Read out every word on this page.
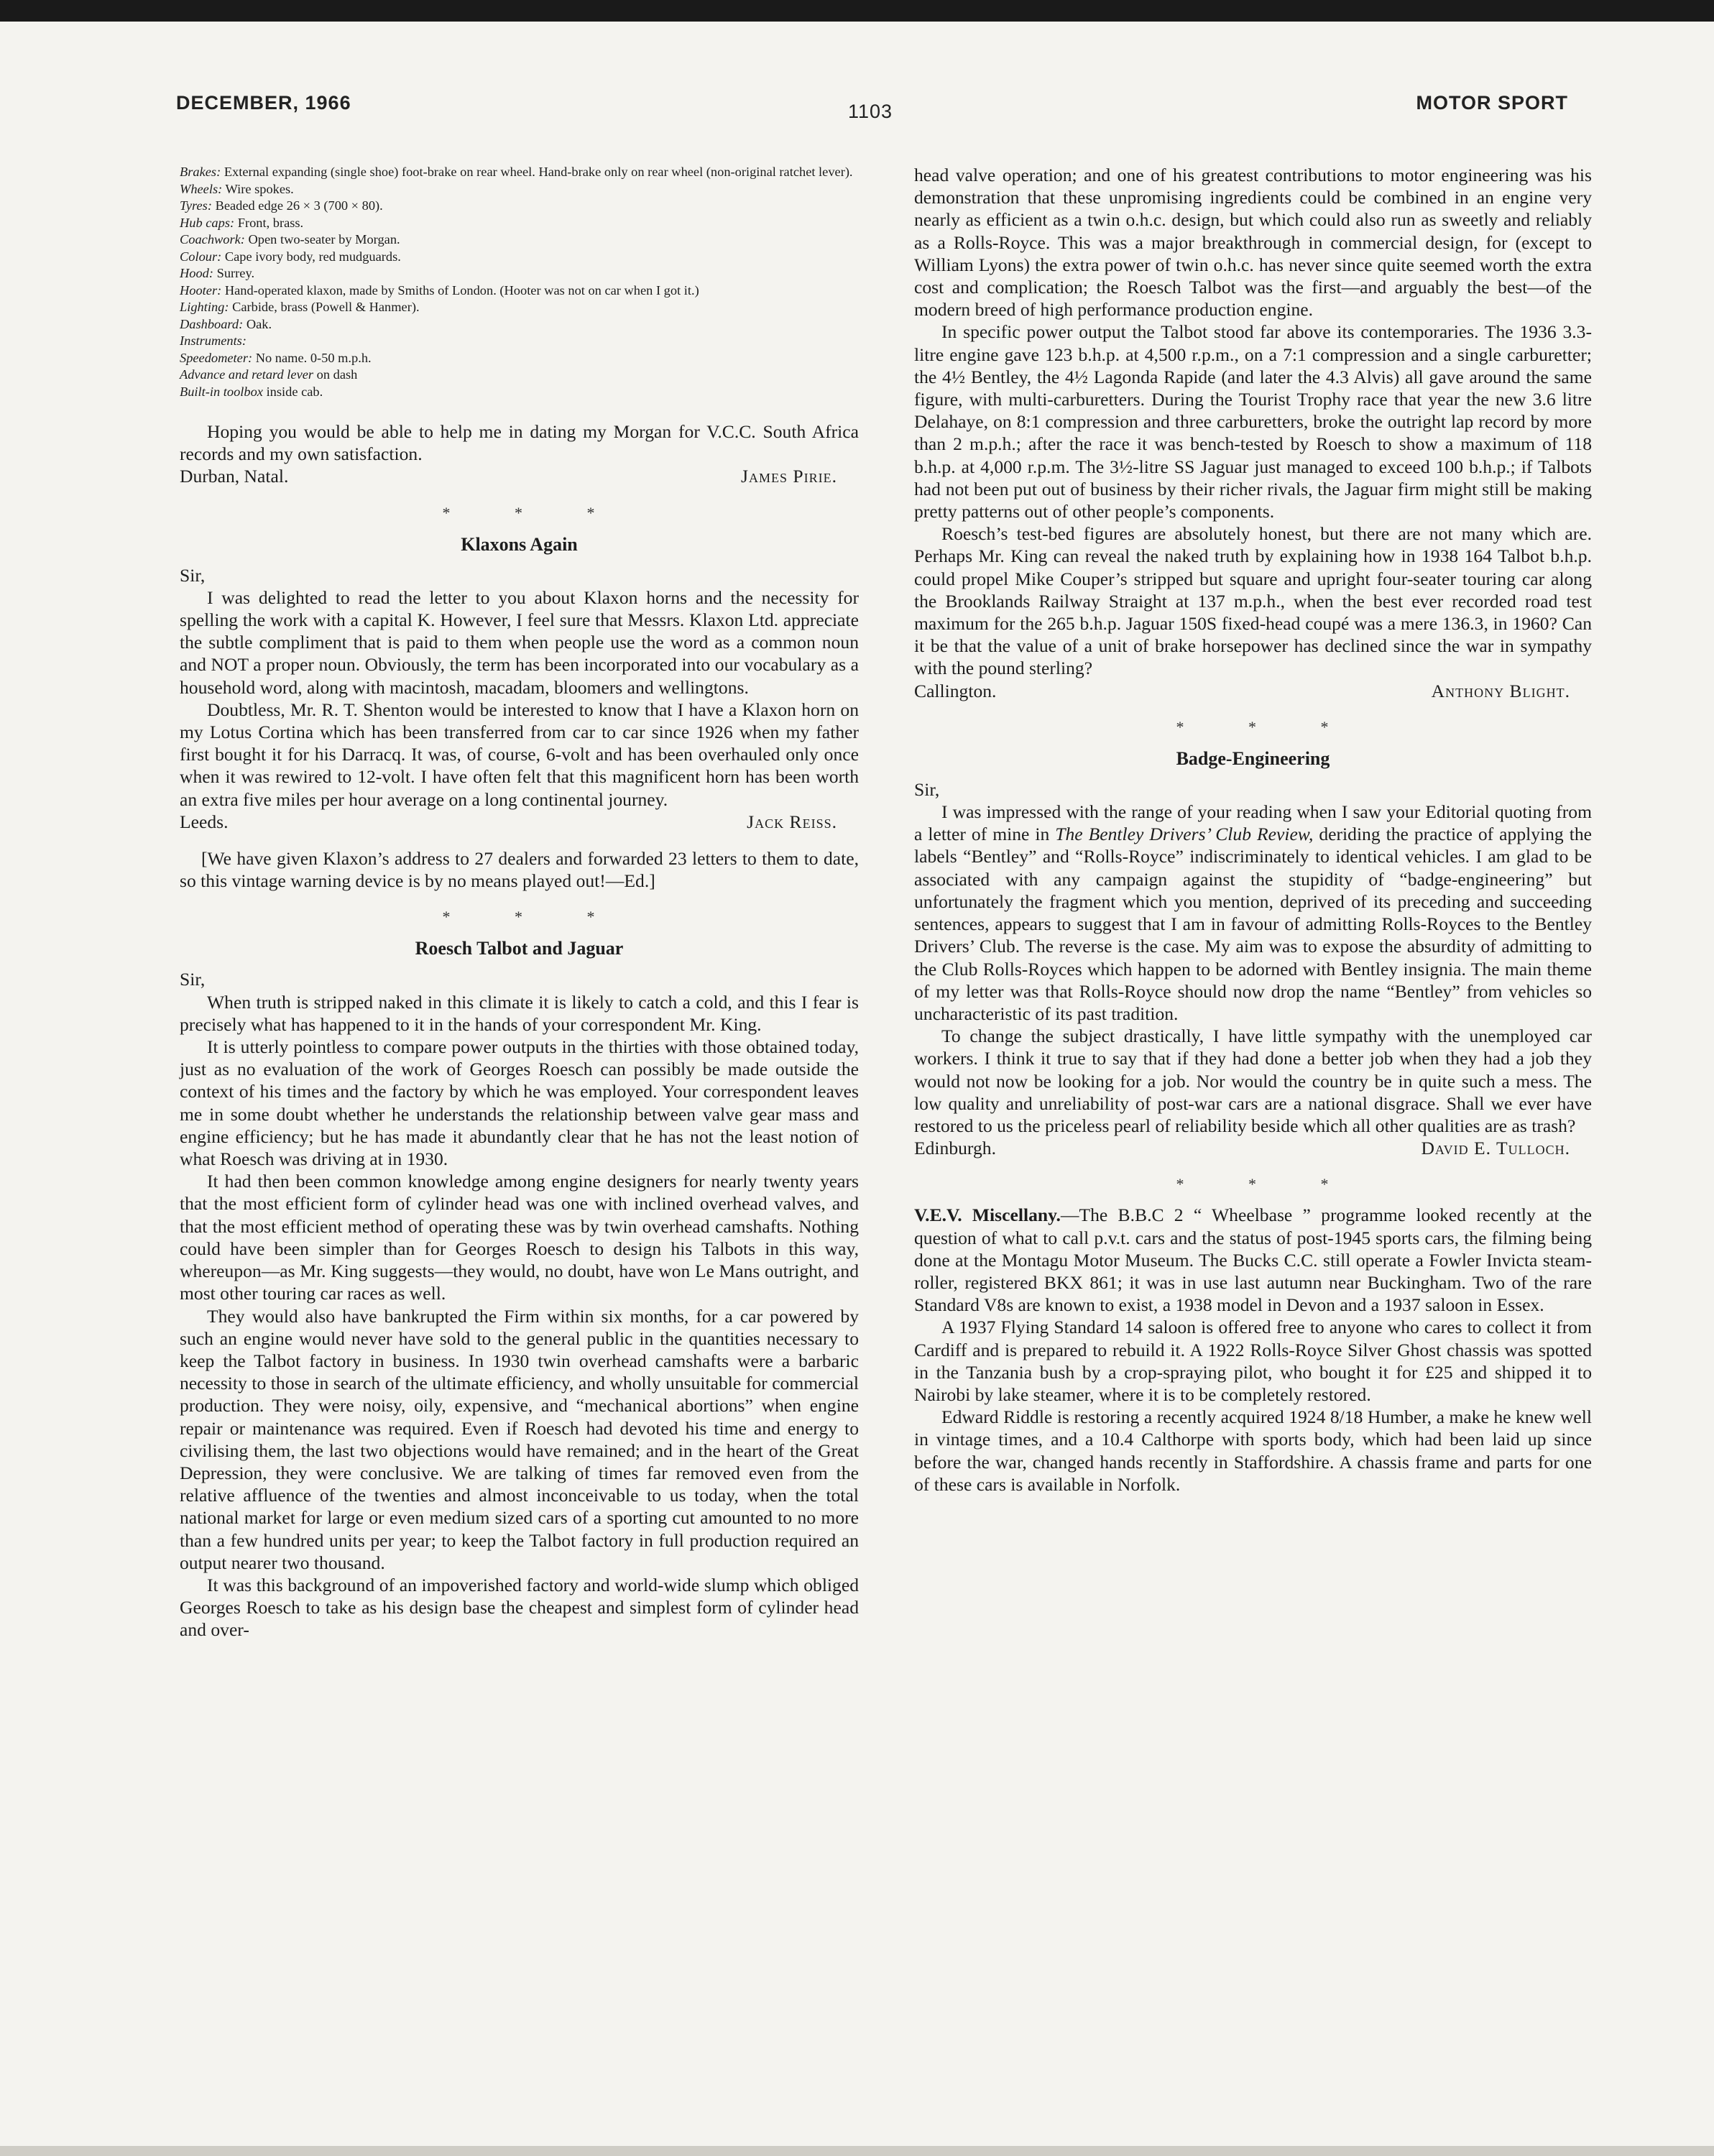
DECEMBER, 1966	1103	MOTOR SPORT

Brakes: External expanding (single shoe) foot-brake on rear wheel. Hand-brake only on rear wheel (non-original ratchet lever).

Wheels: Wire spokes.

Tyres: Beaded edge 26 × 3 (700 × 80).

Hub caps: Front, brass.

Coachwork: Open two-seater by Morgan.

Colour: Cape ivory body, red mudguards.

Hood: Surrey.

Hooter: Hand-operated klaxon, made by Smiths of London. (Hooter was not on car when I got it.)

Lighting: Carbide, brass (Powell & Hanmer).

Dashboard: Oak.

Instruments:

Speedometer: No name. 0-50 m.p.h.

Advance and retard lever on dash

Built-in toolbox inside cab.

Hoping you would be able to help me in dating my Morgan for V.C.C. South Africa records and my own satisfaction.

Durban, Natal.	James Pirie.
* * *
Klaxons Again
Sir,

I was delighted to read the letter to you about Klaxon horns and the necessity for spelling the work with a capital K. However, I feel sure that Messrs. Klaxon Ltd. appreciate the subtle compliment that is paid to them when people use the word as a common noun and NOT a proper noun. Obviously, the term has been incorporated into our vocabulary as a household word, along with macintosh, macadam, bloomers and wellingtons.

Doubtless, Mr. R. T. Shenton would be interested to know that I have a Klaxon horn on my Lotus Cortina which has been transferred from car to car since 1926 when my father first bought it for his Darracq. It was, of course, 6-volt and has been overhauled only once when it was rewired to 12-volt. I have often felt that this magnificent horn has been worth an extra five miles per hour average on a long continental journey.

Leeds.	Jack Reiss.

[We have given Klaxon’s address to 27 dealers and forwarded 23 letters to them to date, so this vintage warning device is by no means played out!—Ed.]

* * *
Roesch Talbot and Jaguar
Sir,

When truth is stripped naked in this climate it is likely to catch a cold, and this I fear is precisely what has happened to it in the hands of your correspondent Mr. King.

It is utterly pointless to compare power outputs in the thirties with those obtained today, just as no evaluation of the work of Georges Roesch can possibly be made outside the context of his times and the factory by which he was employed. Your correspondent leaves me in some doubt whether he understands the relationship between valve gear mass and engine efficiency; but he has made it abundantly clear that he has not the least notion of what Roesch was driving at in 1930.

It had then been common knowledge among engine designers for nearly twenty years that the most efficient form of cylinder head was one with inclined overhead valves, and that the most efficient method of operating these was by twin overhead camshafts. Nothing could have been simpler than for Georges Roesch to design his Talbots in this way, whereupon—as Mr. King suggests—they would, no doubt, have won Le Mans outright, and most other touring car races as well.

They would also have bankrupted the Firm within six months, for a car powered by such an engine would never have sold to the general public in the quantities necessary to keep the Talbot factory in business. In 1930 twin overhead camshafts were a barbaric necessity to those in search of the ultimate efficiency, and wholly unsuitable for commercial production. They were noisy, oily, expensive, and “mechanical abortions” when engine repair or maintenance was required. Even if Roesch had devoted his time and energy to civilising them, the last two objections would have remained; and in the heart of the Great Depression, they were conclusive. We are talking of times far removed even from the relative affluence of the twenties and almost inconceivable to us today, when the total national market for large or even medium sized cars of a sporting cut amounted to no more than a few hundred units per year; to keep the Talbot factory in full production required an output nearer two thousand.

It was this background of an impoverished factory and world-wide slump which obliged Georges Roesch to take as his design base the cheapest and simplest form of cylinder head and over-

head valve operation; and one of his greatest contributions to motor engineering was his demonstration that these unpromising ingredients could be combined in an engine very nearly as efficient as a twin o.h.c. design, but which could also run as sweetly and reliably as a Rolls-Royce. This was a major breakthrough in commercial design, for (except to William Lyons) the extra power of twin o.h.c. has never since quite seemed worth the extra cost and complication; the Roesch Talbot was the first—and arguably the best—of the modern breed of high performance production engine.

In specific power output the Talbot stood far above its contemporaries. The 1936 3.3-litre engine gave 123 b.h.p. at 4,500 r.p.m., on a 7:1 compression and a single carburetter; the 4½ Bentley, the 4½ Lagonda Rapide (and later the 4.3 Alvis) all gave around the same figure, with multi-carburetters. During the Tourist Trophy race that year the new 3.6 litre Delahaye, on 8:1 compression and three carburetters, broke the outright lap record by more than 2 m.p.h.; after the race it was bench-tested by Roesch to show a maximum of 118 b.h.p. at 4,000 r.p.m. The 3½-litre SS Jaguar just managed to exceed 100 b.h.p.; if Talbots had not been put out of business by their richer rivals, the Jaguar firm might still be making pretty patterns out of other people’s components.

Roesch’s test-bed figures are absolutely honest, but there are not many which are. Perhaps Mr. King can reveal the naked truth by explaining how in 1938 164 Talbot b.h.p. could propel Mike Couper’s stripped but square and upright four-seater touring car along the Brooklands Railway Straight at 137 m.p.h., when the best ever recorded road test maximum for the 265 b.h.p. Jaguar 150S fixed-head coupé was a mere 136.3, in 1960? Can it be that the value of a unit of brake horsepower has declined since the war in sympathy with the pound sterling?

Callington.	Anthony Blight.
* * *
Badge-Engineering
Sir,

I was impressed with the range of your reading when I saw your Editorial quoting from a letter of mine in The Bentley Drivers’ Club Review, deriding the practice of applying the labels “Bentley” and “Rolls-Royce” indiscriminately to identical vehicles. I am glad to be associated with any campaign against the stupidity of “badge-engineering” but unfortunately the fragment which you mention, deprived of its preceding and succeeding sentences, appears to suggest that I am in favour of admitting Rolls-Royces to the Bentley Drivers’ Club. The reverse is the case. My aim was to expose the absurdity of admitting to the Club Rolls-Royces which happen to be adorned with Bentley insignia. The main theme of my letter was that Rolls-Royce should now drop the name “Bentley” from vehicles so uncharacteristic of its past tradition.

To change the subject drastically, I have little sympathy with the unemployed car workers. I think it true to say that if they had done a better job when they had a job they would not now be looking for a job. Nor would the country be in quite such a mess. The low quality and unreliability of post-war cars are a national disgrace. Shall we ever have restored to us the priceless pearl of reliability beside which all other qualities are as trash?

Edinburgh.	David E. Tulloch.
* * *

V.E.V. Miscellany.—The B.B.C 2 “ Wheelbase ” programme looked recently at the question of what to call p.v.t. cars and the status of post-1945 sports cars, the filming being done at the Montagu Motor Museum. The Bucks C.C. still operate a Fowler Invicta steam-roller, registered BKX 861; it was in use last autumn near Buckingham. Two of the rare Standard V8s are known to exist, a 1938 model in Devon and a 1937 saloon in Essex.

A 1937 Flying Standard 14 saloon is offered free to anyone who cares to collect it from Cardiff and is prepared to rebuild it. A 1922 Rolls-Royce Silver Ghost chassis was spotted in the Tanzania bush by a crop-spraying pilot, who bought it for £25 and shipped it to Nairobi by lake steamer, where it is to be completely restored.

Edward Riddle is restoring a recently acquired 1924 8/18 Humber, a make he knew well in vintage times, and a 10.4 Calthorpe with sports body, which had been laid up since before the war, changed hands recently in Staffordshire. A chassis frame and parts for one of these cars is available in Norfolk.
